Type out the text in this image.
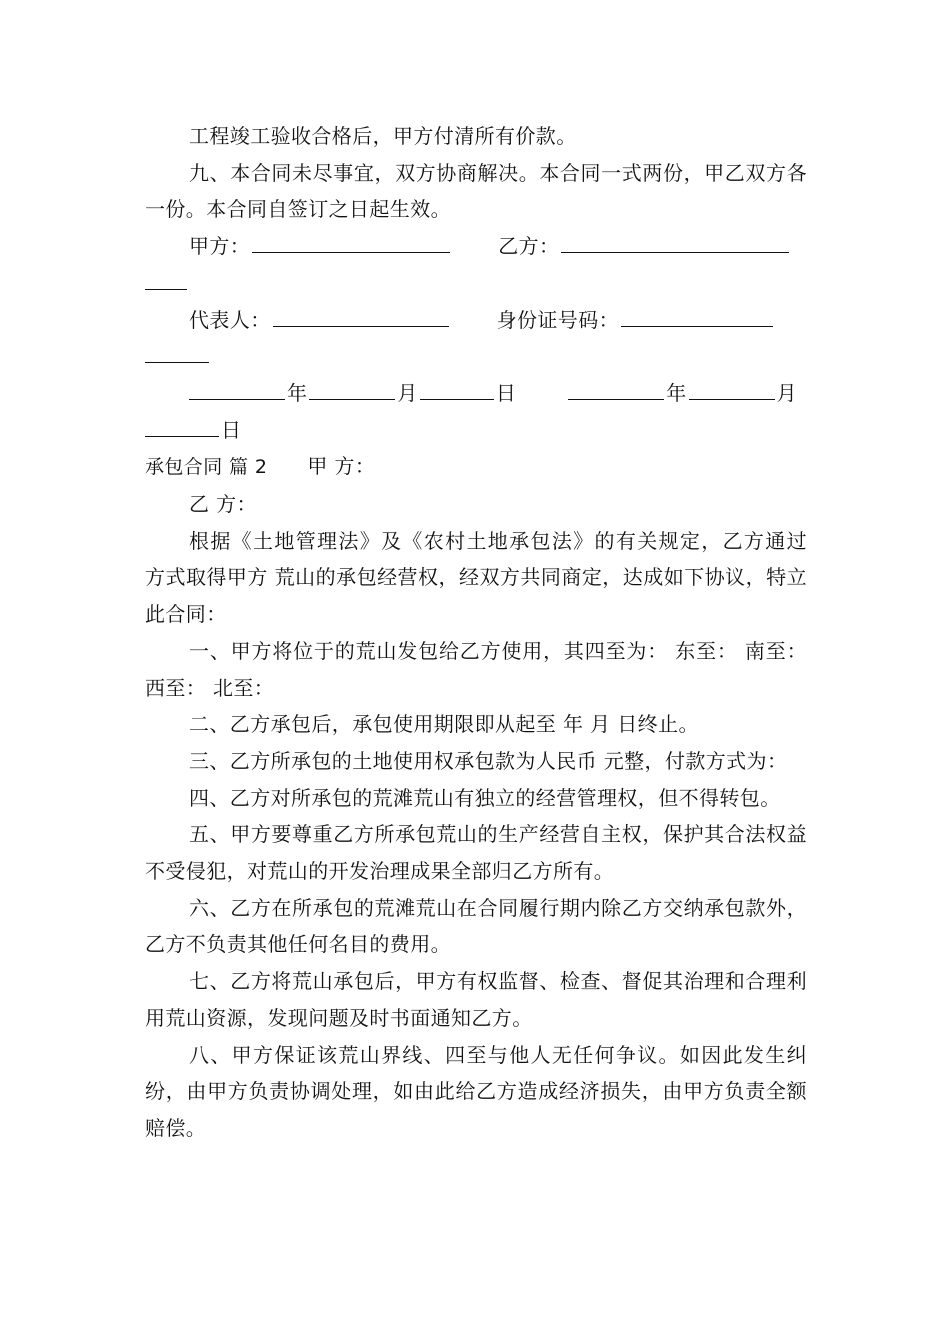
工程竣工验收合格后，甲方付清所有价款。

九、本合同未尽事宜，双方协商解决。本合同一式两份，甲乙双方各一份。本合同自签订之日起生效。

甲方：	乙方：
代表人：	身份证号码：
年	月	日	年	月
日
承包合同 篇 2 甲 方：

乙 方：

根据《土地管理法》及《农村土地承包法》的有关规定，乙方通过 方式取得甲方 荒山的承包经营权，经双方共同商定，达成如下协议，特立此合同：

一、甲方将位于的荒山发包给乙方使用，其四至为： 东至： 南至： 西至： 北至：

二、乙方承包后，承包使用期限即从起至 年 月 日终止。

三、乙方所承包的土地使用权承包款为人民币 元整，付款方式为：

四、乙方对所承包的荒滩荒山有独立的经营管理权，但不得转包。

五、甲方要尊重乙方所承包荒山的生产经营自主权，保护其合法权益不受侵犯，对荒山的开发治理成果全部归乙方所有。

六、乙方在所承包的荒滩荒山在合同履行期内除乙方交纳承包款外，乙方不负责其他任何名目的费用。

七、乙方将荒山承包后，甲方有权监督、检查、督促其治理和合理利用荒山资源，发现问题及时书面通知乙方。

八、甲方保证该荒山界线、四至与他人无任何争议。如因此发生纠纷，由甲方负责协调处理，如由此给乙方造成经济损失，由甲方负责全额赔偿。
